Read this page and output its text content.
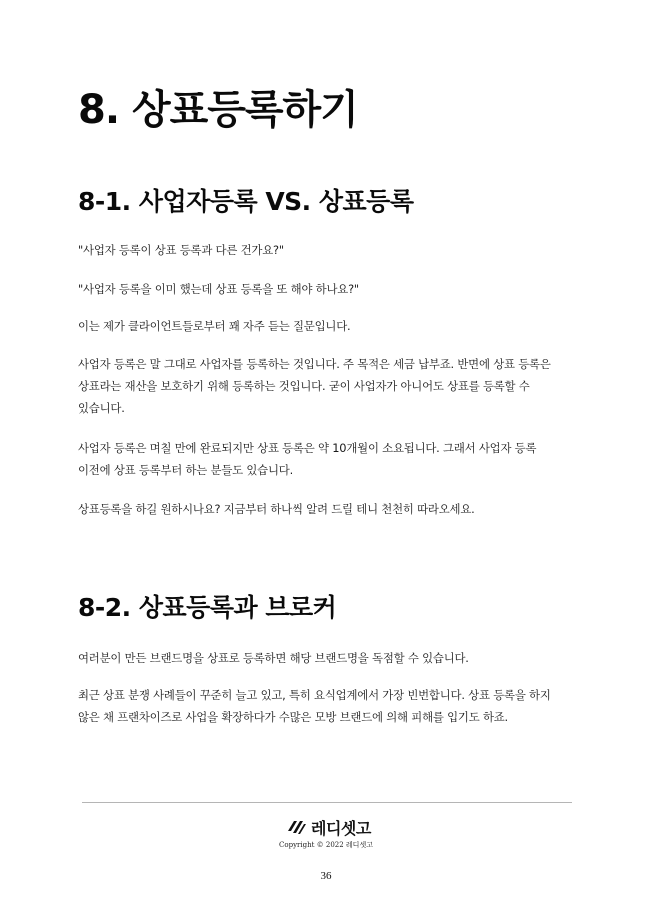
8. 상표등록하기
8-1. 사업자등록 VS. 상표등록

"사업자 등록이 상표 등록과 다른 건가요?"

"사업자 등록을 이미 했는데 상표 등록을 또 해야 하나요?"

이는 제가 클라이언트들로부터 꽤 자주 듣는 질문입니다.

사업자 등록은 말 그대로 사업자를 등록하는 것입니다. 주 목적은 세금 납부죠. 반면에 상표 등록은
상표라는 재산을 보호하기 위해 등록하는 것입니다. 굳이 사업자가 아니어도 상표를 등록할 수
있습니다.

사업자 등록은 며칠 만에 완료되지만 상표 등록은 약 10개월이 소요됩니다. 그래서 사업자 등록
이전에 상표 등록부터 하는 분들도 있습니다.

상표등록을 하길 원하시나요? 지금부터 하나씩 알려 드릴 테니 천천히 따라오세요.

8-2. 상표등록과 브로커

여러분이 만든 브랜드명을 상표로 등록하면 해당 브랜드명을 독점할 수 있습니다.

최근 상표 분쟁 사례들이 꾸준히 늘고 있고, 특히 요식업계에서 가장 빈번합니다. 상표 등록을 하지
않은 채 프랜차이즈로 사업을 확장하다가 수많은 모방 브랜드에 의해 피해를 입기도 하죠.

레디셋고
Copyright © 2022 레디셋고
36
